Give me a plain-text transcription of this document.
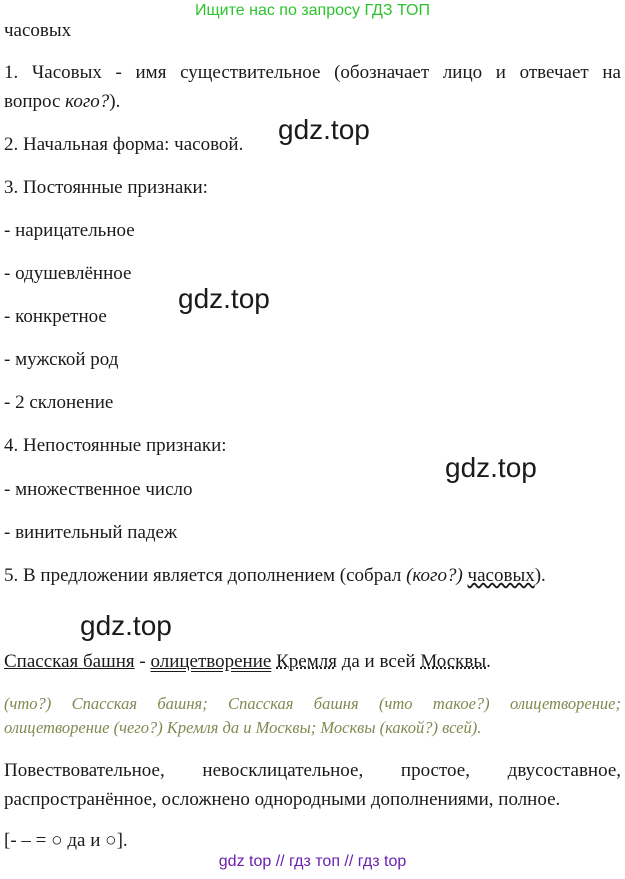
Ищите нас по запросу ГДЗ ТОП
часовых
1. Часовых - имя существительное (обозначает лицо и отвечает на
вопрос кого?).
2. Начальная форма: часовой.
3. Постоянные признаки:
- нарицательное
- одушевлённое
- конкретное
- мужской род
- 2 склонение
4. Непостоянные признаки:
- множественное число
- винительный падеж
5. В предложении является дополнением (собрал (кого?) часовых).
Спасская башня - олицетворение Кремля да и всей Москвы.
(что?) Спасская башня; Спасская башня (что такое?) олицетворение;
олицетворение (чего?) Кремля да и Москвы; Москвы (какой?) всей).
Повествовательное, невосклицательное, простое, двусоставное,
распространённое, осложнено однородными дополнениями, полное.
[- ‒ = ○ да и ○].
gdz.top
gdz.top
gdz.top
gdz.top
gdz top // гдз топ // гдз top
